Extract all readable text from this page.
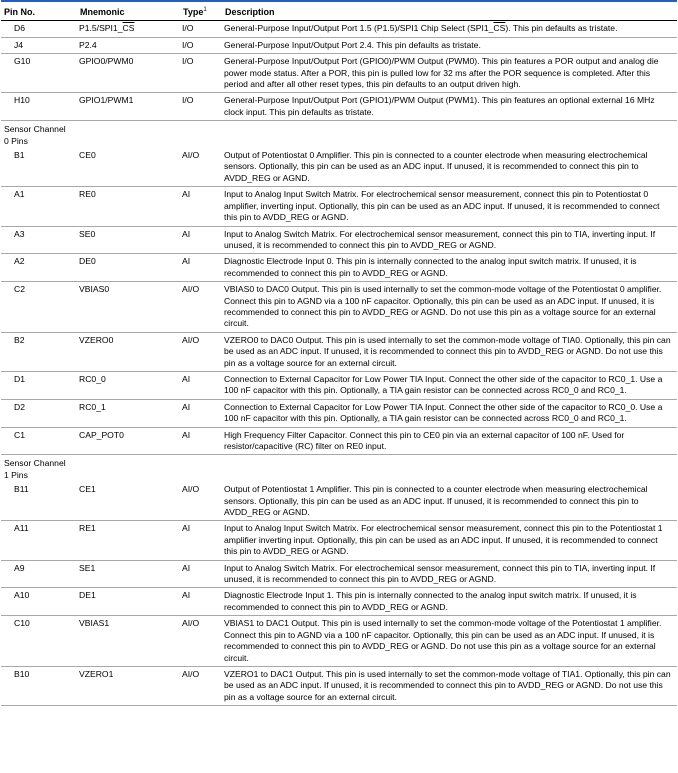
Pin No.	Mnemonic	Type$^1$	Description
D6	$P1.5/SPI1\_\overline{CS}$	I/O	General-Purpose Input/Output Port 1.5 (P1.5)/SPI1 Chip Select $(SPI1\_\overline{CS})$. This pin defaults as tristate.
J4	P2.4	I/O	General-Purpose Input/Output Port 2.4. This pin defaults as tristate.
G10	GPIO0/PWM0	I/O	General-Purpose Input/Output Port (GPIO0)/PWM Output (PWM0). This pin features a POR output and analog die power mode status. After a POR, this pin is pulled low for 32 ms after the POR sequence is completed. After this period and after all other reset types, this pin defaults to an output driven high.
H10	GPIO1/PWM1	I/O	General-Purpose Input/Output Port (GPIO1)/PWM Output (PWM1). This pin features an optional external 16 MHz clock input. This pin defaults as tristate.

Sensor Channel 0 Pins			

B1	CE0	AI/O	Output of Potentiostat 0 Amplifier. This pin is connected to a counter electrode when measuring electrochemical sensors. Optionally, this pin can be used as an ADC input. If unused, it is recommended to connect this pin to AVDD_REG or AGND.
A1	RE0	AI	Input to Analog Input Switch Matrix. For electrochemical sensor measurement, connect this pin to Potentiostat 0 amplifier, inverting input. Optionally, this pin can be used as an ADC input. If unused, it is recommended to connect this pin to AVDD_REG or AGND.
A3	SE0	AI	Input to Analog Switch Matrix. For electrochemical sensor measurement, connect this pin to TIA, inverting input. If unused, it is recommended to connect this pin to AVDD_REG or AGND.
A2	DE0	AI	Diagnostic Electrode Input 0. This pin is internally connected to the analog input switch matrix. If unused, it is recommended to connect this pin to AVDD_REG or AGND.
C2	VBIAS0	AI/O	VBIAS0 to DAC0 Output. This pin is used internally to set the common-mode voltage of the Potentiostat 0 amplifier. Connect this pin to AGND via a 100 nF capacitor. Optionally, this pin can be used as an ADC input. If unused, it is recommended to connect this pin to AVDD_REG or AGND. Do not use this pin as a voltage source for an external circuit.
B2	VZERO0	AI/O	VZERO0 to DAC0 Output. This pin is used internally to set the common-mode voltage of TIA0. Optionally, this pin can be used as an ADC input. If unused, it is recommended to connect this pin to AVDD_REG or AGND. Do not use this pin as a voltage source for an external circuit.
D1	RC0_0	AI	Connection to External Capacitor for Low Power TIA Input. Connect the other side of the capacitor to RC0_1. Use a 100 nF capacitor with this pin. Optionally, a TIA gain resistor can be connected across RC0_0 and RC0_1.
D2	RC0_1	AI	Connection to External Capacitor for Low Power TIA Input. Connect the other side of the capacitor to RC0_0. Use a 100 nF capacitor with this pin. Optionally, a TIA gain resistor can be connected across RC0_0 and RC0_1.
C1	CAP_POT0	AI	High Frequency Filter Capacitor. Connect this pin to CE0 pin via an external capacitor of 100 nF. Used for resistor/capacitive (RC) filter on RE0 input.

Sensor Channel 1 Pins			

B11	CE1	AI/O	Output of Potentiostat 1 Amplifier. This pin is connected to a counter electrode when measuring electrochemical sensors. Optionally, this pin can be used as an ADC input. If unused, it is recommended to connect this pin to AVDD_REG or AGND.
A11	RE1	AI	Input to Analog Input Switch Matrix. For electrochemical sensor measurement, connect this pin to the Potentiostat 1 amplifier inverting input. Optionally, this pin can be used as an ADC input. If unused, it is recommended to connect this pin to AVDD_REG or AGND.
A9	SE1	AI	Input to Analog Switch Matrix. For electrochemical sensor measurement, connect this pin to TIA, inverting input. If unused, it is recommended to connect this pin to AVDD_REG or AGND.
A10	DE1	AI	Diagnostic Electrode Input 1. This pin is internally connected to the analog input switch matrix. If unused, it is recommended to connect this pin to AVDD_REG or AGND.
C10	VBIAS1	AI/O	VBIAS1 to DAC1 Output. This pin is used internally to set the common-mode voltage of the Potentiostat 1 amplifier. Connect this pin to AGND via a 100 nF capacitor. Optionally, this pin can be used as an ADC input. If unused, it is recommended to connect this pin to AVDD_REG or AGND. Do not use this pin as a voltage source for an external circuit.
B10	VZERO1	AI/O	VZERO1 to DAC1 Output. This pin is used internally to set the common-mode voltage of TIA1. Optionally, this pin can be used as an ADC input. If unused, it is recommended to connect this pin to AVDD_REG or AGND. Do not use this pin as a voltage source for an external circuit.
